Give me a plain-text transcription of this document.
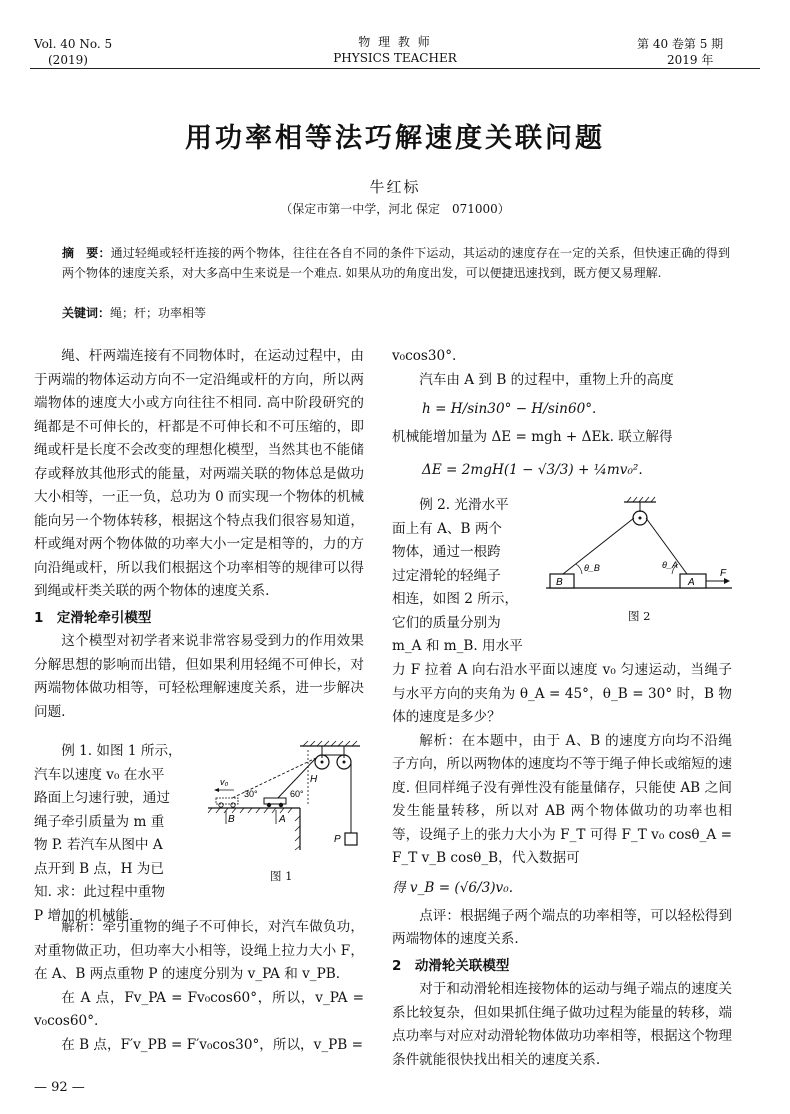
Vol. 40 No. 5
(2019)
物 理 教 师
PHYSICS TEACHER
第 40 卷第 5 期
2019 年
用功率相等法巧解速度关联问题
牛红标
（保定市第一中学，河北 保定　071000）
摘　要：通过轻绳或轻杆连接的两个物体，往往在各自不同的条件下运动，其运动的速度存在一定的关系，但快速正确的得到两个物体的速度关系，对大多高中生来说是一个难点. 如果从功的角度出发，可以便捷迅速找到，既方便又易理解.
关键词：绳；杆；功率相等

绳、杆两端连接有不同物体时，在运动过程中，由于两端的物体运动方向不一定沿绳或杆的方向，所以两端物体的速度大小或方向往往不相同. 高中阶段研究的绳都是不可伸长的，杆都是不可伸长和不可压缩的，即绳或杆是长度不会改变的理想化模型，当然其也不能储存或释放其他形式的能量，对两端关联的物体总是做功大小相等，一正一负，总功为 0 而实现一个物体的机械能向另一个物体转移，根据这个特点我们很容易知道，杆或绳对两个物体做的功率大小一定是相等的，力的方向沿绳或杆，所以我们根据这个功率相等的规律可以得到绳或杆类关联的两个物体的速度关系.

1　定滑轮牵引模型

这个模型对初学者来说非常容易受到力的作用效果分解思想的影响而出错，但如果利用轻绳不可伸长，对两端物体做功相等，可轻松理解速度关系，进一步解决问题.

例 1. 如图 1 所示，

汽车以速度 v₀ 在水平

路面上匀速行驶，通过

绳子牵引质量为 m 重

物 P. 若汽车从图中 A

点开到 B 点，H 为已

知. 求：此过程中重物

P 增加的机械能.

P
H
v₀
30°	60°
B	A
图 1

解析：牵引重物的绳子不可伸长，对汽车做负功，对重物做正功，但功率大小相等，设绳上拉力大小 F，在 A、B 两点重物 P 的速度分别为 v_PA 和 v_PB.

在 A 点，Fv_PA = Fv₀cos60°，所以，v_PA = v₀cos60°.

在 B 点，F′v_PB = F′v₀cos30°，所以，v_PB =

v₀cos30°.

汽车由 A 到 B 的过程中，重物上升的高度

h = H/sin30° − H/sin60°.

机械能增加量为 ΔE = mgh + ΔEk. 联立解得

ΔE = 2mgH(1 − √3/3) + ¼mv₀².

例 2. 光滑水平

面上有 A、B 两个

物体，通过一根跨

过定滑轮的轻绳子

相连，如图 2 所示，

它们的质量分别为

m_A 和 m_B. 用水平

B	A
θ_B	θ_A
F
图 2

力 F 拉着 A 向右沿水平面以速度 v₀ 匀速运动，当绳子与水平方向的夹角为 θ_A = 45°，θ_B = 30° 时，B 物体的速度是多少？

解析：在本题中，由于 A、B 的速度方向均不沿绳子方向，所以两物体的速度均不等于绳子伸长或缩短的速度. 但同样绳子没有弹性没有能量储存，只能使 AB 之间发生能量转移，所以对 AB 两个物体做功的功率也相等，设绳子上的张力大小为 F_T 可得 F_T v₀ cosθ_A = F_T v_B cosθ_B，代入数据可

得 v_B = (√6/3)v₀.

点评：根据绳子两个端点的功率相等，可以轻松得到两端物体的速度关系.

2　动滑轮关联模型

对于和动滑轮相连接物体的运动与绳子端点的速度关系比较复杂，但如果抓住绳子做功过程为能量的转移，端点功率与对应对动滑轮物体做功功率相等，根据这个物理条件就能很快找出相关的速度关系.

— 92 —
